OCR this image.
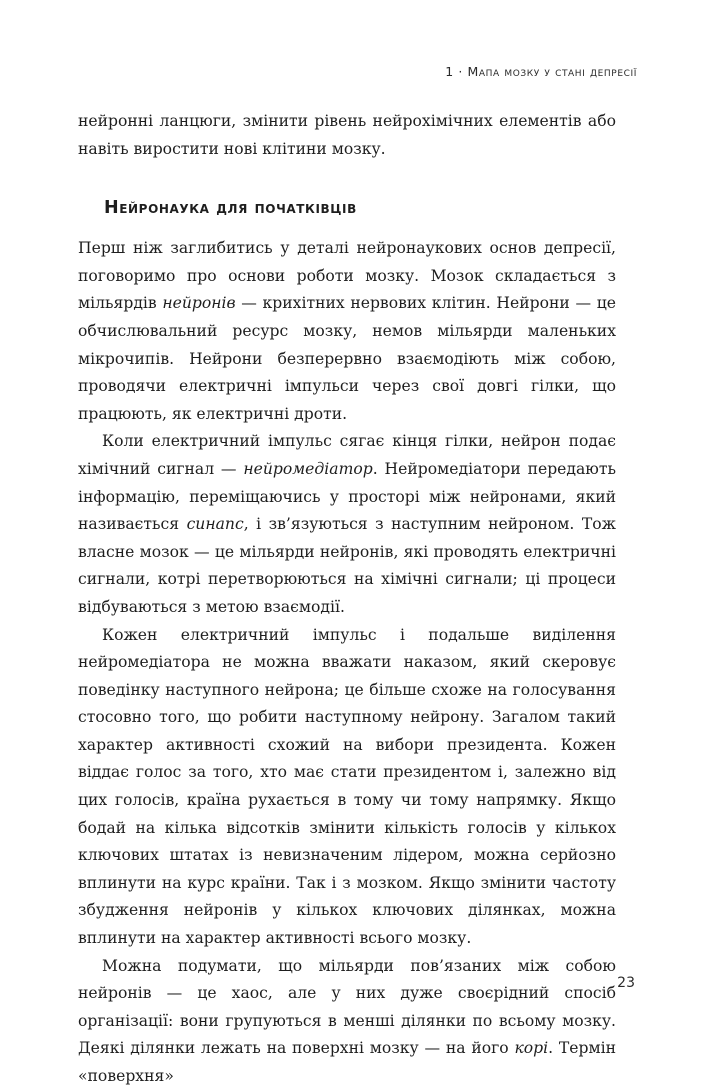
1 · Мапа мозку у стані депресії

нейронні ланцюги, змінити рівень нейрохімічних елементів або навіть виростити нові клітини мозку.

Нейронаука для початківців

Перш ніж заглибитись у деталі нейронаукових основ депресії, поговоримо про основи роботи мозку. Мозок складається з мільярдів нейронів — крихітних нервових клітин. Нейрони — це обчислювальний ресурс мозку, немов мільярди маленьких мікрочипів. Нейрони безперервно взаємодіють між собою, проводячи електричні імпульси через свої довгі гілки, що працюють, як електричні дроти.

Коли електричний імпульс сягає кінця гілки, нейрон подає хімічний сигнал — нейромедіатор. Нейромедіатори передають інформацію, переміщаючись у просторі між нейронами, який називається синапс, і зв’язуються з наступним нейроном. Тож власне мозок — це мільярди нейронів, які проводять електричні сигнали, котрі перетворюються на хімічні сигнали; ці процеси відбуваються з метою взаємодії.

Кожен електричний імпульс і подальше виділення нейромедіатора не можна вважати наказом, який скеровує поведінку наступного нейрона; це більше схоже на голосування стосовно того, що робити наступному нейрону. Загалом такий характер активності схожий на вибори президента. Кожен віддає голос за того, хто має стати президентом і, залежно від цих голосів, країна рухається в тому чи тому напрямку. Якщо бодай на кілька відсотків змінити кількість голосів у кількох ключових штатах із невизначеним лідером, можна серйозно вплинути на курс країни. Так і з мозком. Якщо змінити частоту збудження нейронів у кількох ключових ділянках, можна вплинути на характер активності всього мозку.

Можна подумати, що мільярди пов’язаних між собою нейронів — це хаос, але у них дуже своєрідний спосіб організації: вони групуються в менші ділянки по всьому мозку. Деякі ділянки лежать на поверхні мозку — на його корі. Термін «поверхня»

23
